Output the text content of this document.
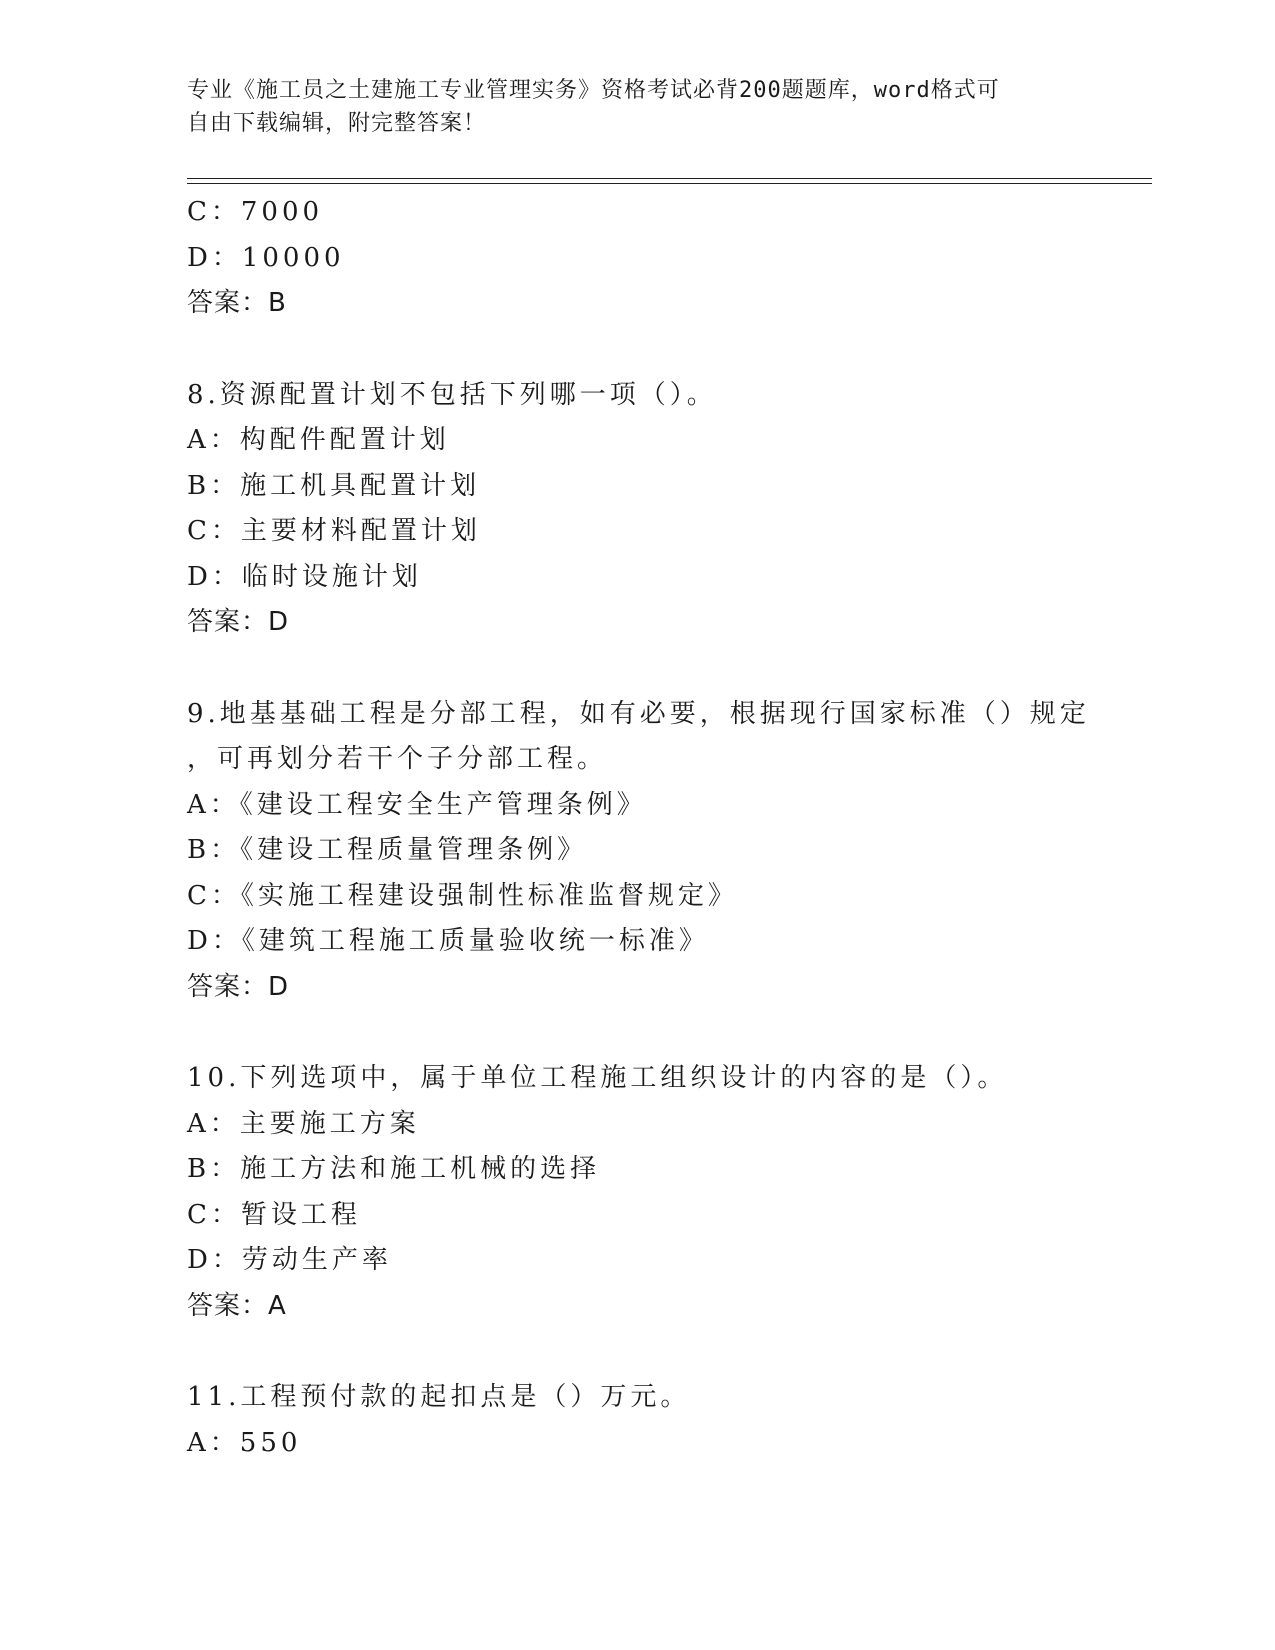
专业《施工员之土建施工专业管理实务》资格考试必背200题题库，word格式可
自由下载编辑，附完整答案！
C：7000
D：10000
答案：B
8.资源配置计划不包括下列哪一项（）。
A：构配件配置计划
B：施工机具配置计划
C：主要材料配置计划
D：临时设施计划
答案：D
9.地基基础工程是分部工程，如有必要，根据现行国家标准（）规定
，可再划分若干个子分部工程。
A：《建设工程安全生产管理条例》
B：《建设工程质量管理条例》
C：《实施工程建设强制性标准监督规定》
D：《建筑工程施工质量验收统一标准》
答案：D
10.下列选项中，属于单位工程施工组织设计的内容的是（）。
A：主要施工方案
B：施工方法和施工机械的选择
C：暂设工程
D：劳动生产率
答案：A
11.工程预付款的起扣点是（）万元。
A：550
